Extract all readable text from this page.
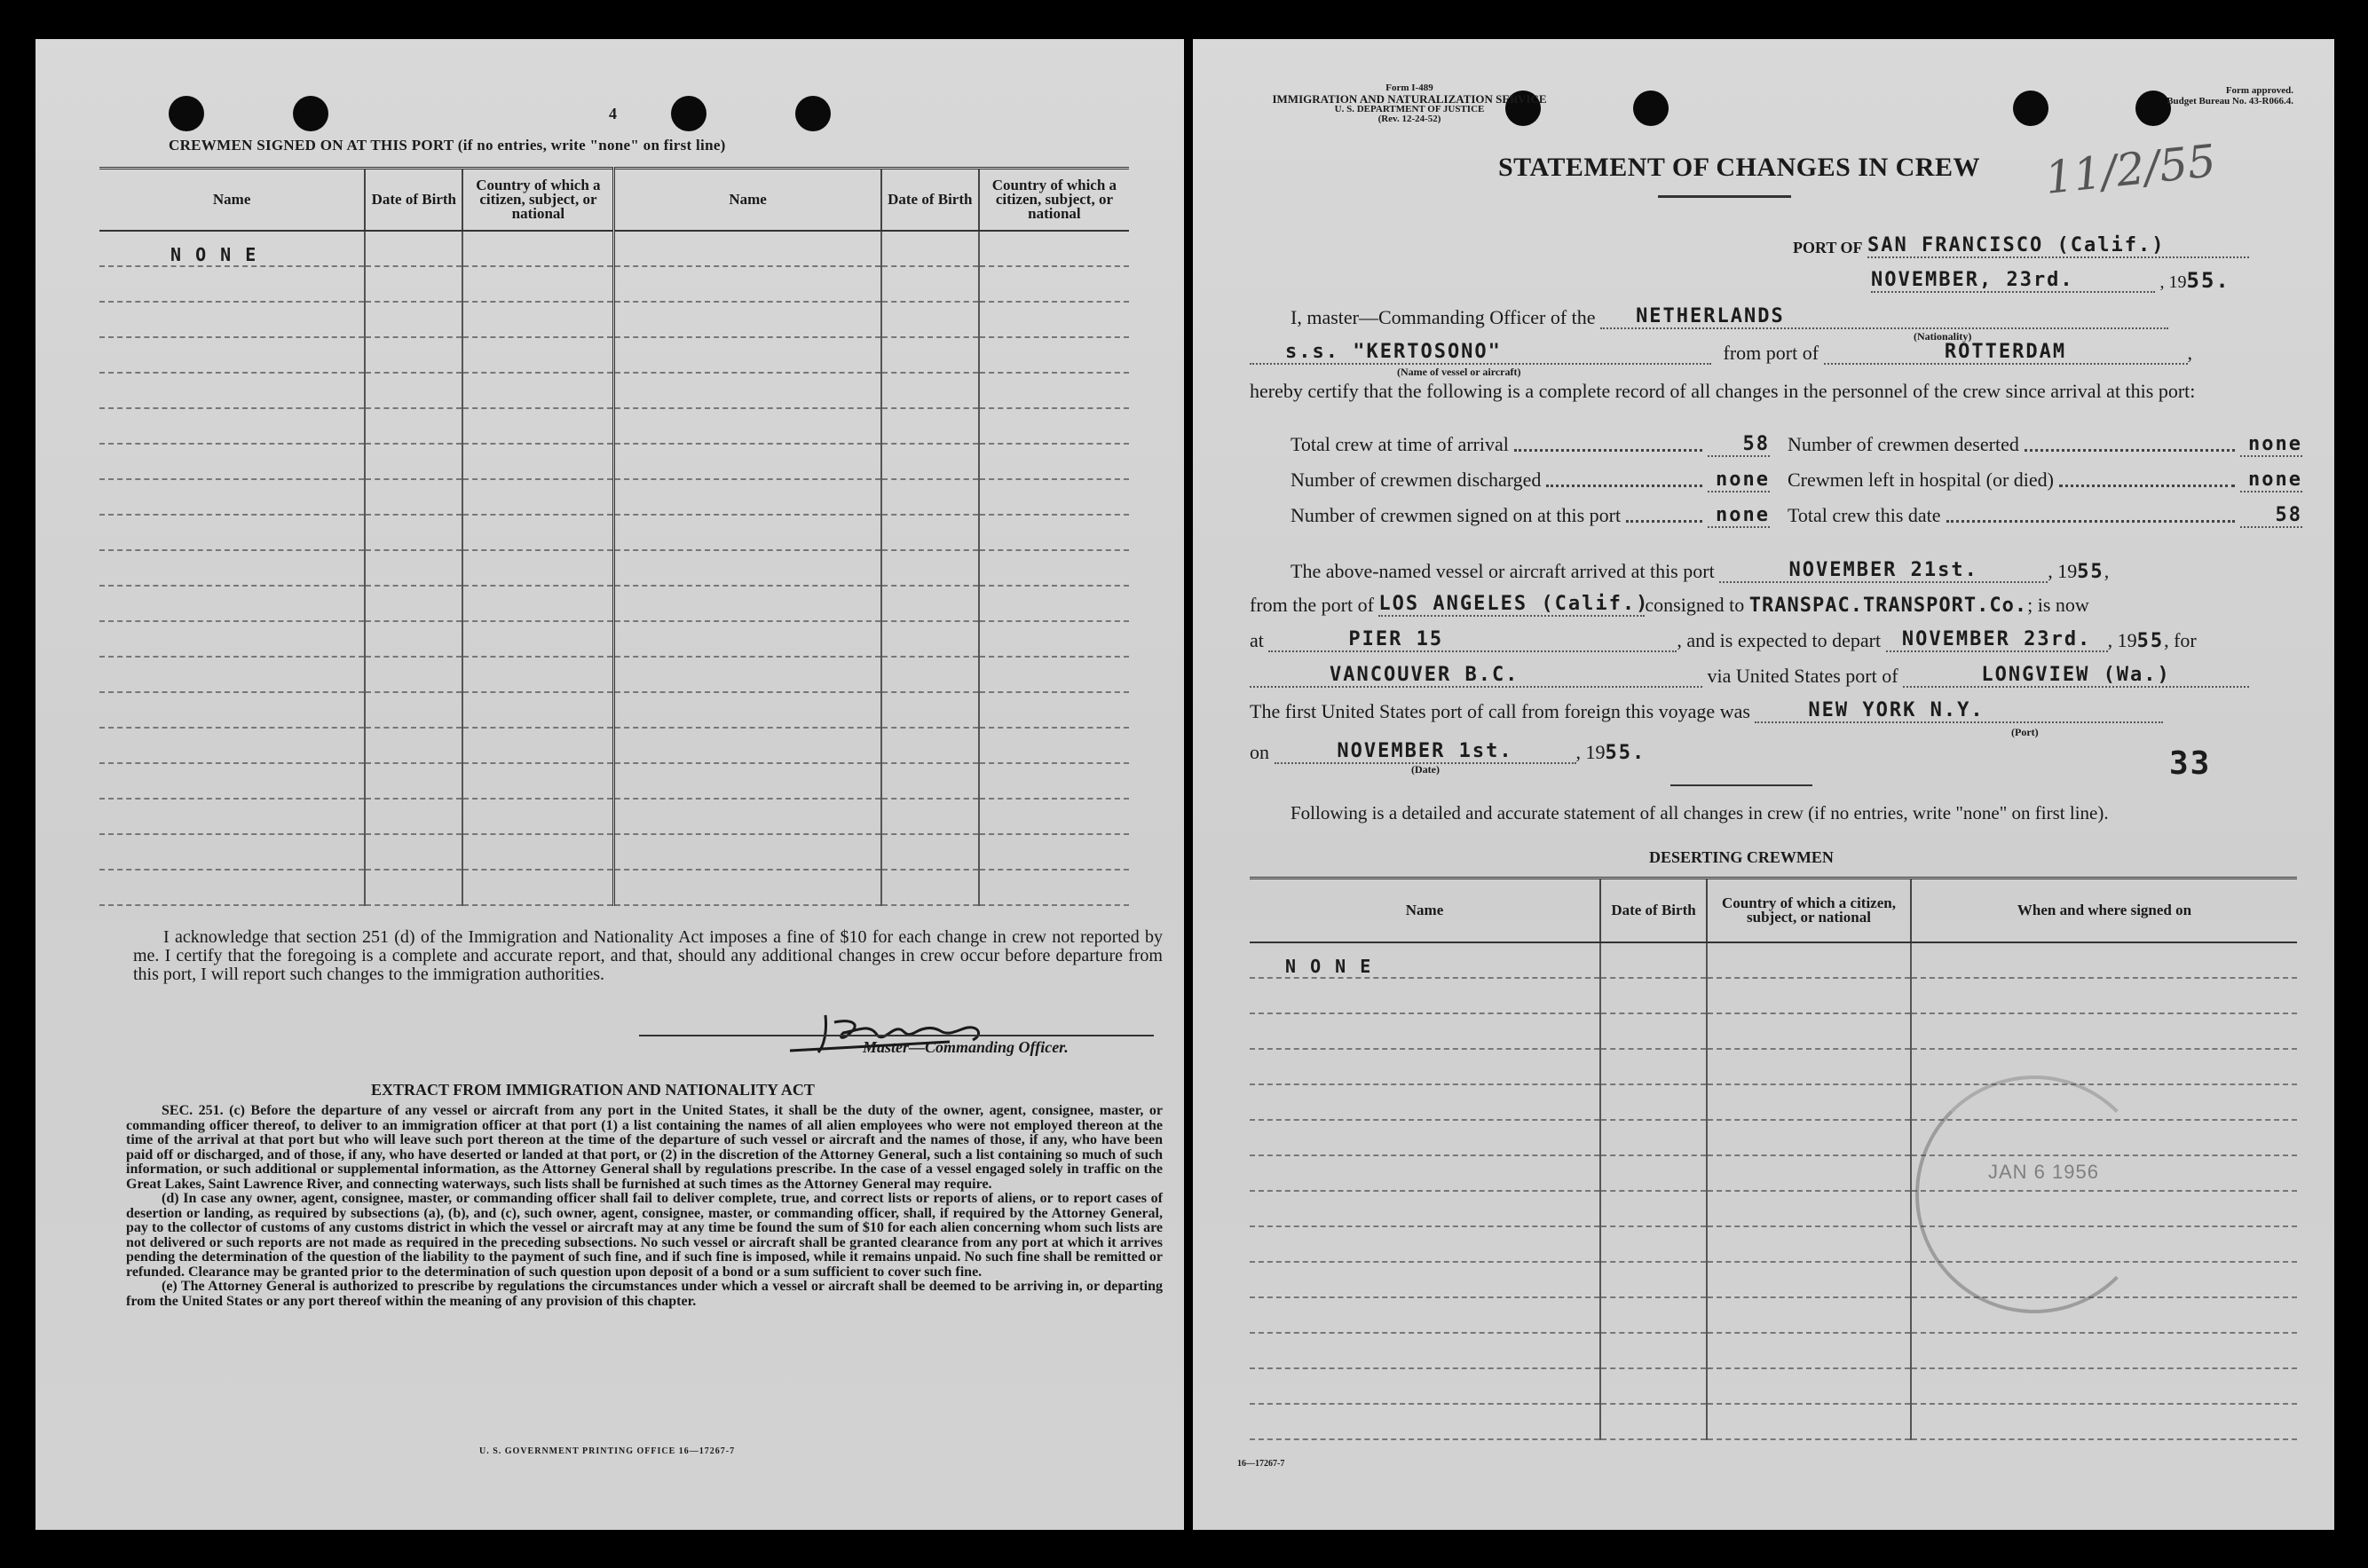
4
CREWMEN SIGNED ON AT THIS PORT (if no entries, write "none" on first line)
Name	Date of Birth	Country of which a citizen, subject, or national	Name	Date of Birth	Country of which a citizen, subject, or national
N O N E					

I acknowledge that section 251 (d) of the Immigration and Nationality Act imposes a fine of $10 for each change in crew not reported by me. I certify that the foregoing is a complete and accurate report, and that, should any additional changes in crew occur before departure from this port, I will report such changes to the immigration authorities.
Master—Commanding Officer.
EXTRACT FROM IMMIGRATION AND NATIONALITY ACT
SEC. 251. (c) Before the departure of any vessel or aircraft from any port in the United States, it shall be the duty of the owner, agent, consignee, master, or commanding officer thereof, to deliver to an immigration officer at that port (1) a list containing the names of all alien employees who were not employed thereon at the time of the arrival at that port but who will leave such port thereon at the time of the departure of such vessel or aircraft and the names of those, if any, who have been paid off or discharged, and of those, if any, who have deserted or landed at that port, or (2) in the discretion of the Attorney General, such a list containing so much of such information, or such additional or supplemental information, as the Attorney General shall by regulations prescribe. In the case of a vessel engaged solely in traffic on the Great Lakes, Saint Lawrence River, and connecting waterways, such lists shall be furnished at such times as the Attorney General may require.
(d) In case any owner, agent, consignee, master, or commanding officer shall fail to deliver complete, true, and correct lists or reports of aliens, or to report cases of desertion or landing, as required by subsections (a), (b), and (c), such owner, agent, consignee, master, or commanding officer, shall, if required by the Attorney General, pay to the collector of customs of any customs district in which the vessel or aircraft may at any time be found the sum of $10 for each alien concerning whom such lists are not delivered or such reports are not made as required in the preceding subsections. No such vessel or aircraft shall be granted clearance from any port at which it arrives pending the determination of the question of the liability to the payment of such fine, and if such fine is imposed, while it remains unpaid. No such fine shall be remitted or refunded. Clearance may be granted prior to the determination of such question upon deposit of a bond or a sum sufficient to cover such fine.
(e) The Attorney General is authorized to prescribe by regulations the circumstances under which a vessel or aircraft shall be deemed to be arriving in, or departing from the United States or any port thereof within the meaning of any provision of this chapter.
U. S. GOVERNMENT PRINTING OFFICE 16—17267-7
Form I-489
IMMIGRATION AND NATURALIZATION SERVICE
U. S. DEPARTMENT OF JUSTICE
(Rev. 12-24-52)
Form approved.
Budget Bureau No. 43-R066.4.
STATEMENT OF CHANGES IN CREW 11/2/55
PORT OF SAN FRANCISCO (Calif.)
NOVEMBER, 23rd.	, 1955.
I, master—Commanding Officer of the NETHERLANDS
(Nationality)
s.s. "KERTOSONO"	from port of	ROTTERDAM	,
(Name of vessel or aircraft)
hereby certify that the following is a complete record of all changes in the personnel of the crew since arrival at this port:
Total crew at time of arrival	58 Number of crewmen deserted	none
Number of crewmen discharged	none Crewmen left in hospital (or died)	none
Number of crewmen signed on at this port	none Total crew this date	58
The above-named vessel or aircraft arrived at this port	NOVEMBER 21st.	, 1955,
from the port of LOS ANGELES (Calif.)consigned to TRANSPAC.TRANSPORT.Co.; is now
at	PIER 15	, and is expected to depart NOVEMBER 23rd. , 1955, for
VANCOUVER B.C.	via United States port of	LONGVIEW (Wa.)
The first United States port of call from foreign this voyage was	NEW YORK N.Y.
(Port)
on	NOVEMBER 1st.	, 1955.
(Date)	33
Following is a detailed and accurate statement of all changes in crew (if no entries, write "none" on first line).
DESERTING CREWMEN
Name	Date of Birth	Country of which a citizen, subject, or national	When and where signed on
N O N E			

JAN 6 1956
16—17267-7
